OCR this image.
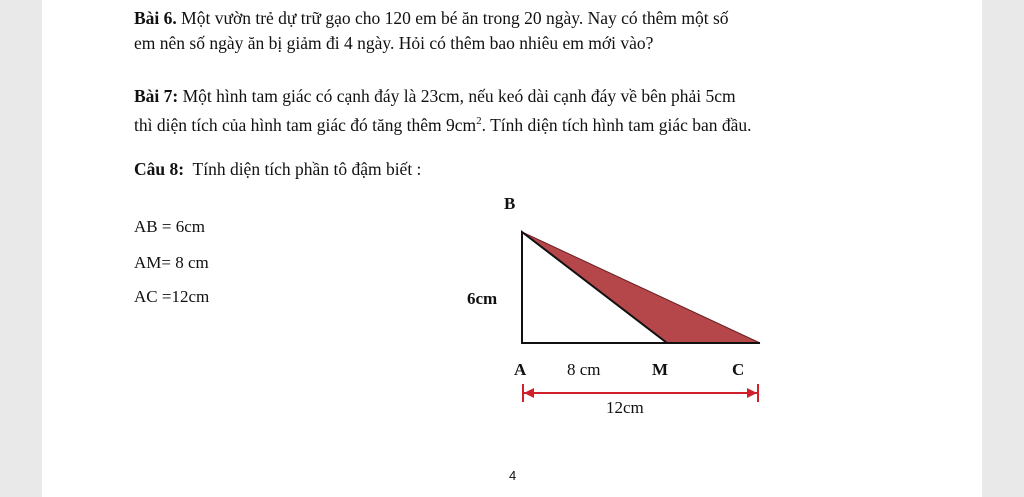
Bài 6. Một vườn trẻ dự trữ gạo cho 120 em bé ăn trong 20 ngày. Nay có thêm một số
em nên số ngày ăn bị giảm đi 4 ngày. Hỏi có thêm bao nhiêu em mới vào?
Bài 7: Một hình tam giác có cạnh đáy là 23cm, nếu keó dài cạnh đáy về bên phải 5cm
thì diện tích của hình tam giác đó tăng thêm $9cm^2$. Tính diện tích hình tam giác ban đầu.
Câu 8:  Tính diện tích phần tô đậm biết :
AB = 6cm
AM= 8 cm
AC =12cm
B
6cm
A 8 cm	M	C
12cm
4
